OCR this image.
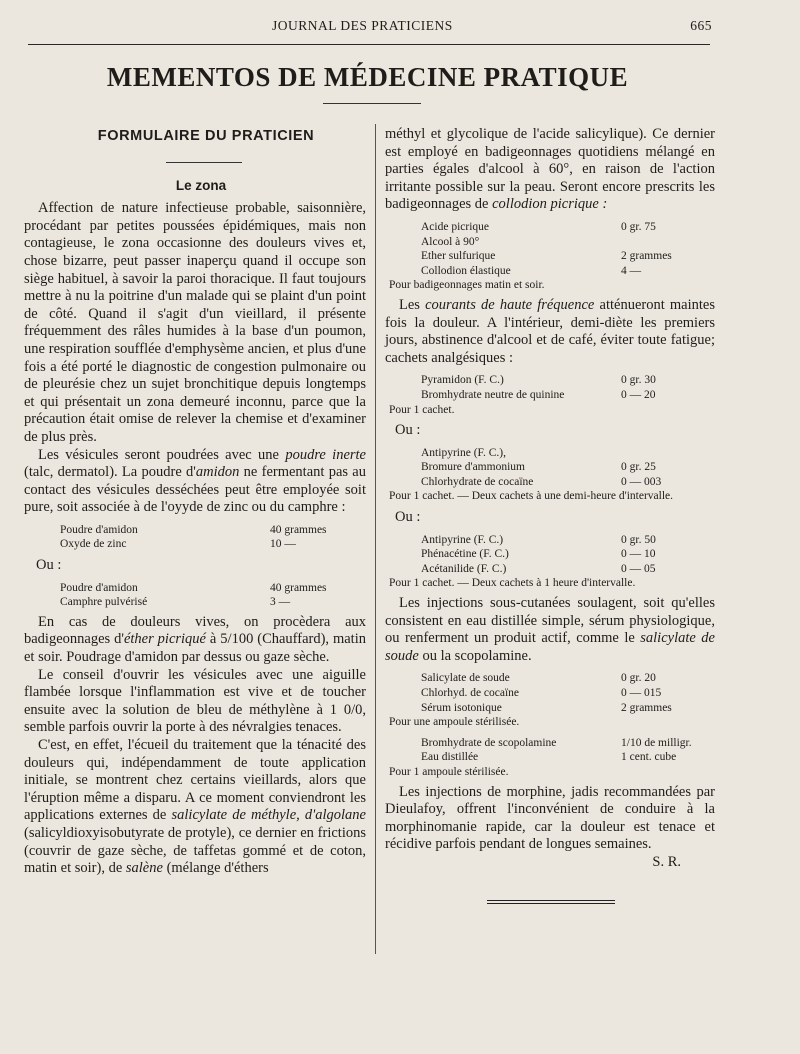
JOURNAL DES PRATICIENS	665
MEMENTOS DE MÉDECINE PRATIQUE
FORMULAIRE DU PRATICIEN
Le zona

Affection de nature infectieuse probable, saisonnière, procédant par petites poussées épidémiques, mais non contagieuse, le zona occasionne des douleurs vives et, chose bizarre, peut passer inaperçu quand il occupe son siège habituel, à savoir la paroi thoracique. Il faut toujours mettre à nu la poitrine d'un malade qui se plaint d'un point de côté. Quand il s'agit d'un vieillard, il présente fréquemment des râles humides à la base d'un poumon, une respiration soufflée d'emphysème ancien, et plus d'une fois a été porté le diagnostic de congestion pulmonaire ou de pleurésie chez un sujet bronchitique depuis longtemps et qui présentait un zona demeuré inconnu, parce que la précaution était omise de relever la chemise et d'examiner de plus près.

Les vésicules seront poudrées avec une poudre inerte (talc, dermatol). La poudre d'amidon ne fermentant pas au contact des vésicules desséchées peut être employée soit pure, soit associée à de l'oyyde de zinc ou du camphre :

Poudre d'amidon	40 grammes
Oxyde de zinc	10 —
Ou :
Poudre d'amidon	40 grammes
Camphre pulvérisé	3 —

En cas de douleurs vives, on procèdera aux badigeonnages d'éther picriqué à 5/100 (Chauffard), matin et soir. Poudrage d'amidon par dessus ou gaze sèche.

Le conseil d'ouvrir les vésicules avec une aiguille flambée lorsque l'inflammation est vive et de toucher ensuite avec la solution de bleu de méthylène à 1 0/0, semble parfois ouvrir la porte à des névralgies tenaces.

C'est, en effet, l'écueil du traitement que la ténacité des douleurs qui, indépendamment de toute application initiale, se montrent chez certains vieillards, alors que l'éruption même a disparu. A ce moment conviendront les applications externes de salicylate de méthyle, d'algolane (salicyldioxyisobutyrate de protyle), ce dernier en frictions (couvrir de gaze sèche, de taffetas gommé et de coton, matin et soir), de salène (mélange d'éthers

méthyl et glycolique de l'acide salicylique). Ce dernier est employé en badigeonnages quotidiens mélangé en parties égales d'alcool à 60°, en raison de l'action irritante possible sur la peau. Seront encore prescrits les badigeonnages de collodion picrique :

Acide picrique	0 gr. 75
Alcool à 90°
Ether sulfurique	2 grammes
Collodion élastique	4 —
Pour badigeonnages matin et soir.

Les courants de haute fréquence atténueront maintes fois la douleur. A l'intérieur, demi-diète les premiers jours, abstinence d'alcool et de café, éviter toute fatigue; cachets analgésiques :

Pyramidon (F. C.)	0 gr. 30
Bromhydrate neutre de quinine	0 — 20
Pour 1 cachet.
Ou :
Antipyrine (F. C.),
Bromure d'ammonium	0 gr. 25
Chlorhydrate de cocaïne	0 — 003
Pour 1 cachet. — Deux cachets à une demi-heure d'intervalle.
Ou :
Antipyrine (F. C.)	0 gr. 50
Phénacétine (F. C.)	0 — 10
Acétanilide (F. C.)	0 — 05
Pour 1 cachet. — Deux cachets à 1 heure d'intervalle.

Les injections sous-cutanées soulagent, soit qu'elles consistent en eau distillée simple, sérum physiologique, ou renferment un produit actif, comme le salicylate de soude ou la scopolamine.

Salicylate de soude	0 gr. 20
Chlorhyd. de cocaïne	0 — 015
Sérum isotonique	2 grammes
Pour une ampoule stérilisée.
Bromhydrate de scopolamine	1/10 de milligr.
Eau distillée	1 cent. cube
Pour 1 ampoule stérilisée.

Les injections de morphine, jadis recommandées par Dieulafoy, offrent l'inconvénient de conduire à la morphinomanie rapide, car la douleur est tenace et récidive parfois pendant de longues semaines.

S. R.
